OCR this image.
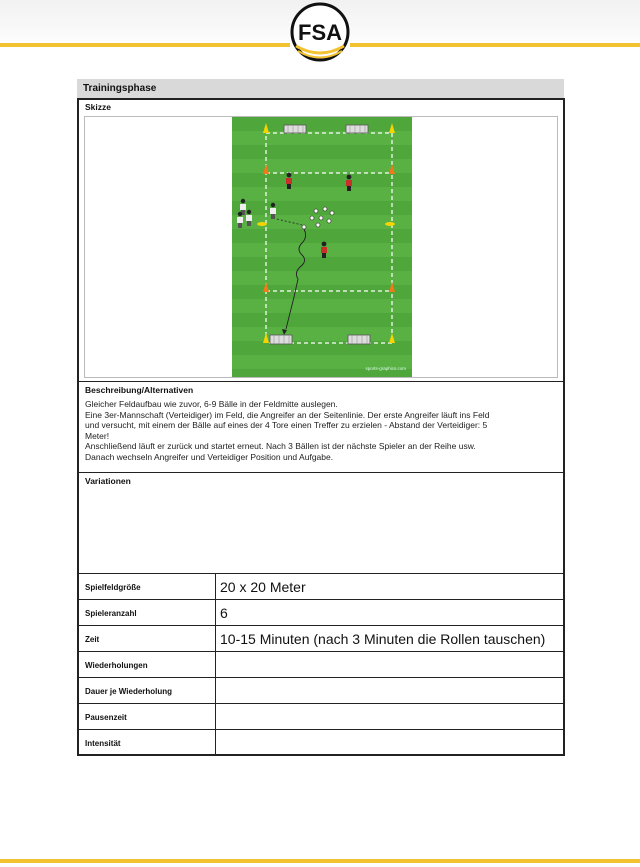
FSA
Trainingsphase
Skizze
sports-graphics.com
Beschreibung/Alternativen

Gleicher Feldaufbau wie zuvor, 6-9 Bälle in der Feldmitte auslegen.

Eine 3er-Mannschaft (Verteidiger) im Feld, die Angreifer an der Seitenlinie. Der erste Angreifer läuft ins Feld

und versucht, mit einem der Bälle auf eines der 4 Tore einen Treffer zu erzielen - Abstand der Verteidiger: 5

Meter!

Anschließend läuft er zurück und startet erneut. Nach 3 Bällen ist der nächste Spieler an der Reihe usw.

Danach wechseln Angreifer und Verteidiger Position und Aufgabe.

Variationen
Spielfeldgröße	20 x 20 Meter
Spieleranzahl	6
Zeit	10-15 Minuten (nach 3 Minuten die Rollen tauschen)
Wiederholungen
Dauer je Wiederholung
Pausenzeit
Intensität
